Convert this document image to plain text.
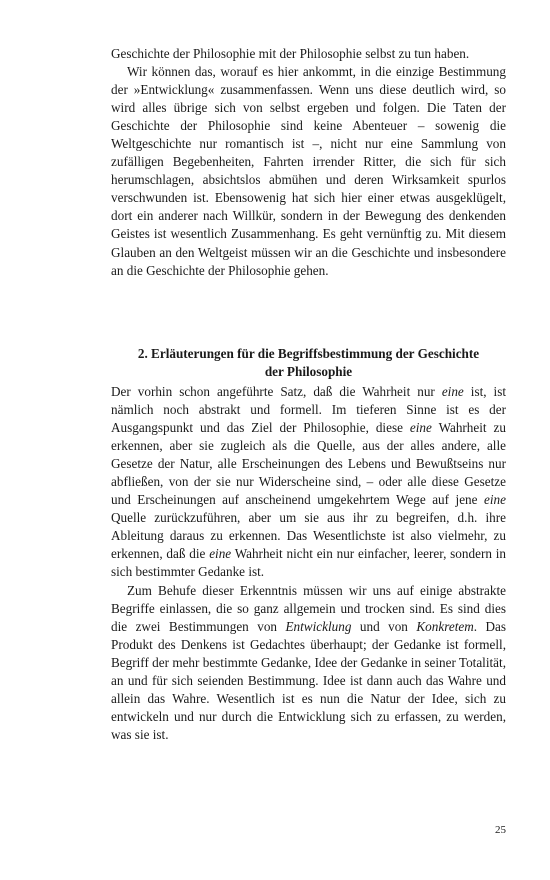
Geschichte der Philosophie mit der Philosophie selbst zu tun haben.

Wir können das, worauf es hier ankommt, in die einzige Bestimmung der »Entwicklung« zusammenfassen. Wenn uns diese deutlich wird, so wird alles übrige sich von selbst ergeben und folgen. Die Taten der Geschichte der Philosophie sind keine Abenteuer – sowenig die Weltgeschichte nur romantisch ist –, nicht nur eine Sammlung von zufälligen Begebenheiten, Fahrten irrender Ritter, die sich für sich herumschlagen, absichtslos abmühen und deren Wirksamkeit spurlos verschwunden ist. Ebensowenig hat sich hier einer etwas ausgeklügelt, dort ein anderer nach Willkür, sondern in der Bewegung des denkenden Geistes ist wesentlich Zusammenhang. Es geht vernünftig zu. Mit diesem Glauben an den Weltgeist müssen wir an die Geschichte und insbesondere an die Geschichte der Philosophie gehen.

2. Erläuterungen für die Begriffsbestimmung der Geschichte
der Philosophie

Der vorhin schon angeführte Satz, daß die Wahrheit nur eine ist, ist nämlich noch abstrakt und formell. Im tieferen Sinne ist es der Ausgangspunkt und das Ziel der Philosophie, diese eine Wahrheit zu erkennen, aber sie zugleich als die Quelle, aus der alles andere, alle Gesetze der Natur, alle Erscheinungen des Lebens und Bewußtseins nur abfließen, von der sie nur Widerscheine sind, – oder alle diese Gesetze und Erscheinungen auf anscheinend umgekehrtem Wege auf jene eine Quelle zurückzuführen, aber um sie aus ihr zu begreifen, d.h. ihre Ableitung daraus zu erkennen. Das Wesentlichste ist also vielmehr, zu erkennen, daß die eine Wahrheit nicht ein nur einfacher, leerer, sondern in sich bestimmter Gedanke ist.

Zum Behufe dieser Erkenntnis müssen wir uns auf einige abstrakte Begriffe einlassen, die so ganz allgemein und trocken sind. Es sind dies die zwei Bestimmungen von Entwicklung und von Konkretem. Das Produkt des Denkens ist Gedachtes überhaupt; der Gedanke ist formell, Begriff der mehr bestimmte Gedanke, Idee der Gedanke in seiner Totalität, an und für sich seienden Bestimmung. Idee ist dann auch das Wahre und allein das Wahre. Wesentlich ist es nun die Natur der Idee, sich zu entwickeln und nur durch die Entwicklung sich zu erfassen, zu werden, was sie ist.

25
